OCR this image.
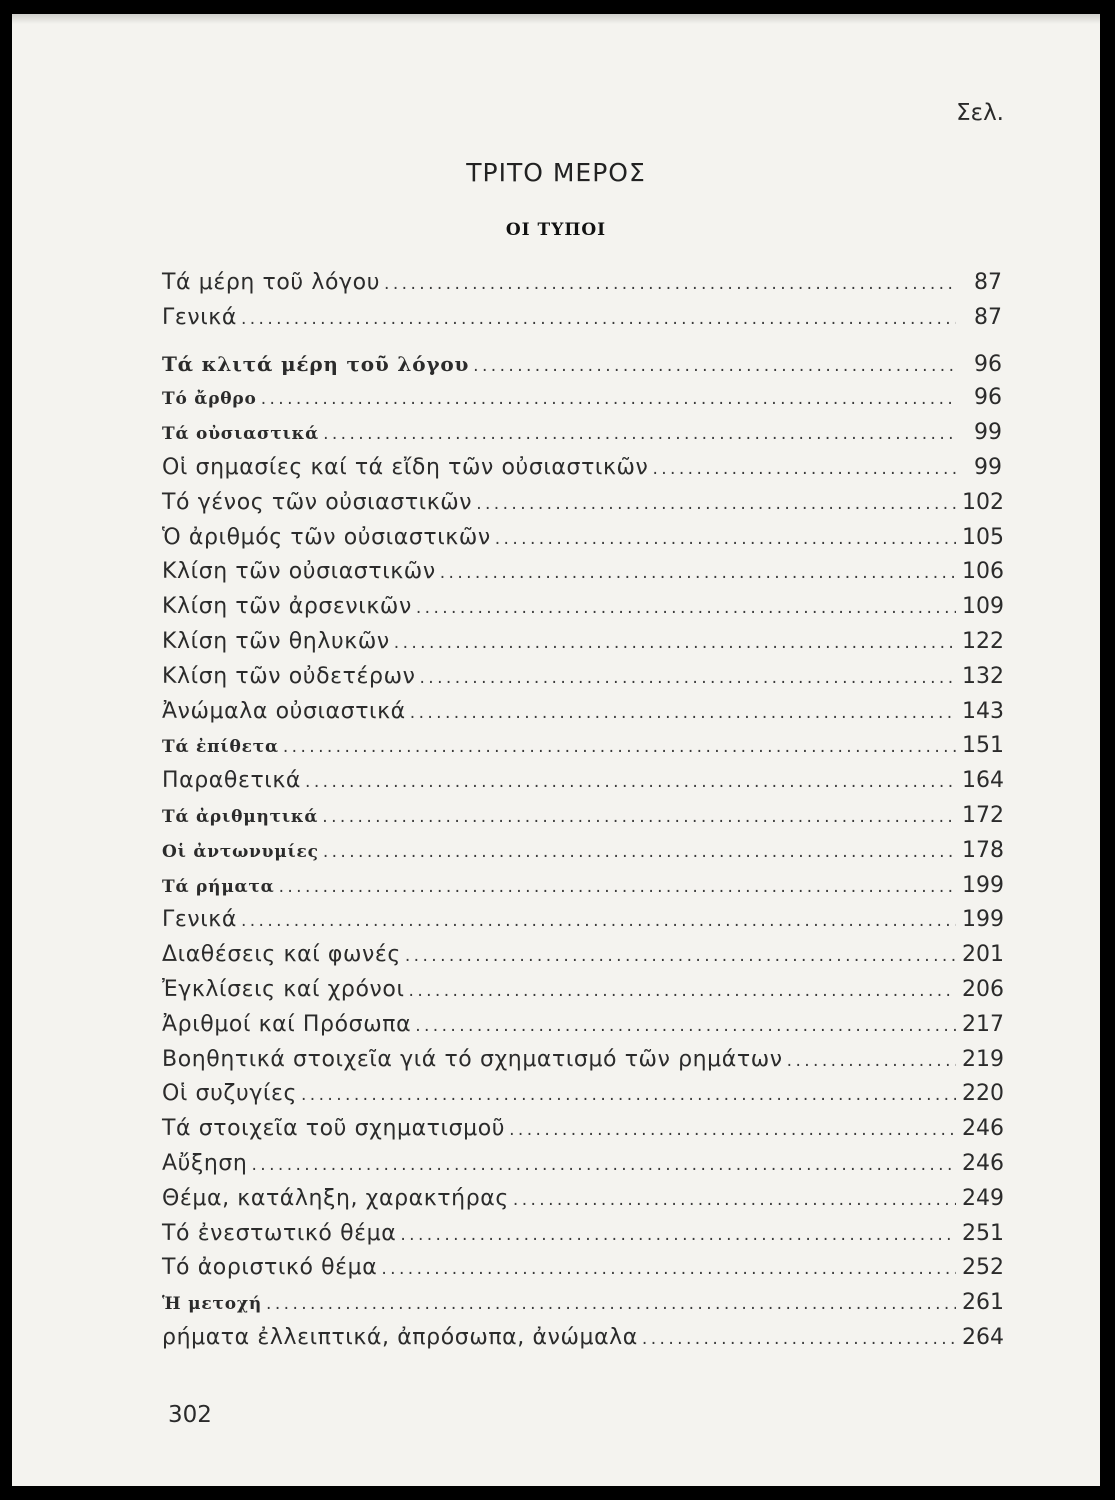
Σελ.
ΤΡΙΤΟ ΜΕΡΟΣ
ΟΙ ΤΥΠΟΙ
Τά μέρη τοῦ λόγου .....	87
Γενικά .....	87
Τά κλιτά μέρη τοῦ λόγου .....	96
Τό ἄρθρο .....	96
Τά οὐσιαστικά .....	99
Οἱ σημασίες καί τά εἴδη τῶν οὐσιαστικῶν .....	99
Τό γένος τῶν οὐσιαστικῶν .....	102
Ὁ ἀριθμός τῶν οὐσιαστικῶν .....	105
Κλίση τῶν οὐσιαστικῶν .....	106
Κλίση τῶν ἀρσενικῶν .....	109
Κλίση τῶν θηλυκῶν .....	122
Κλίση τῶν οὐδετέρων .....	132
Ἀνώμαλα οὐσιαστικά .....	143
Τά ἐπίθετα .....	151
Παραθετικά .....	164
Τά ἀριθμητικά .....	172
Οἱ ἀντωνυμίες .....	178
Τά ρήματα .....	199
Γενικά .....	199
Διαθέσεις καί φωνές .....	201
Ἐγκλίσεις καί χρόνοι .....	206
Ἀριθμοί καί Πρόσωπα .....	217
Βοηθητικά στοιχεῖα γιά τό σχηματισμό τῶν ρημάτων .....	219
Οἱ συζυγίες .....	220
Τά στοιχεῖα τοῦ σχηματισμοῦ .....	246
Αὔξηση .....	246
Θέμα, κατάληξη, χαρακτήρας .....	249
Τό ἐνεστωτικό θέμα .....	251
Τό ἀοριστικό θέμα .....	252
Ἡ μετοχή .....	261
ρήματα ἐλλειπτικά, ἀπρόσωπα, ἀνώμαλα .....	264
302
